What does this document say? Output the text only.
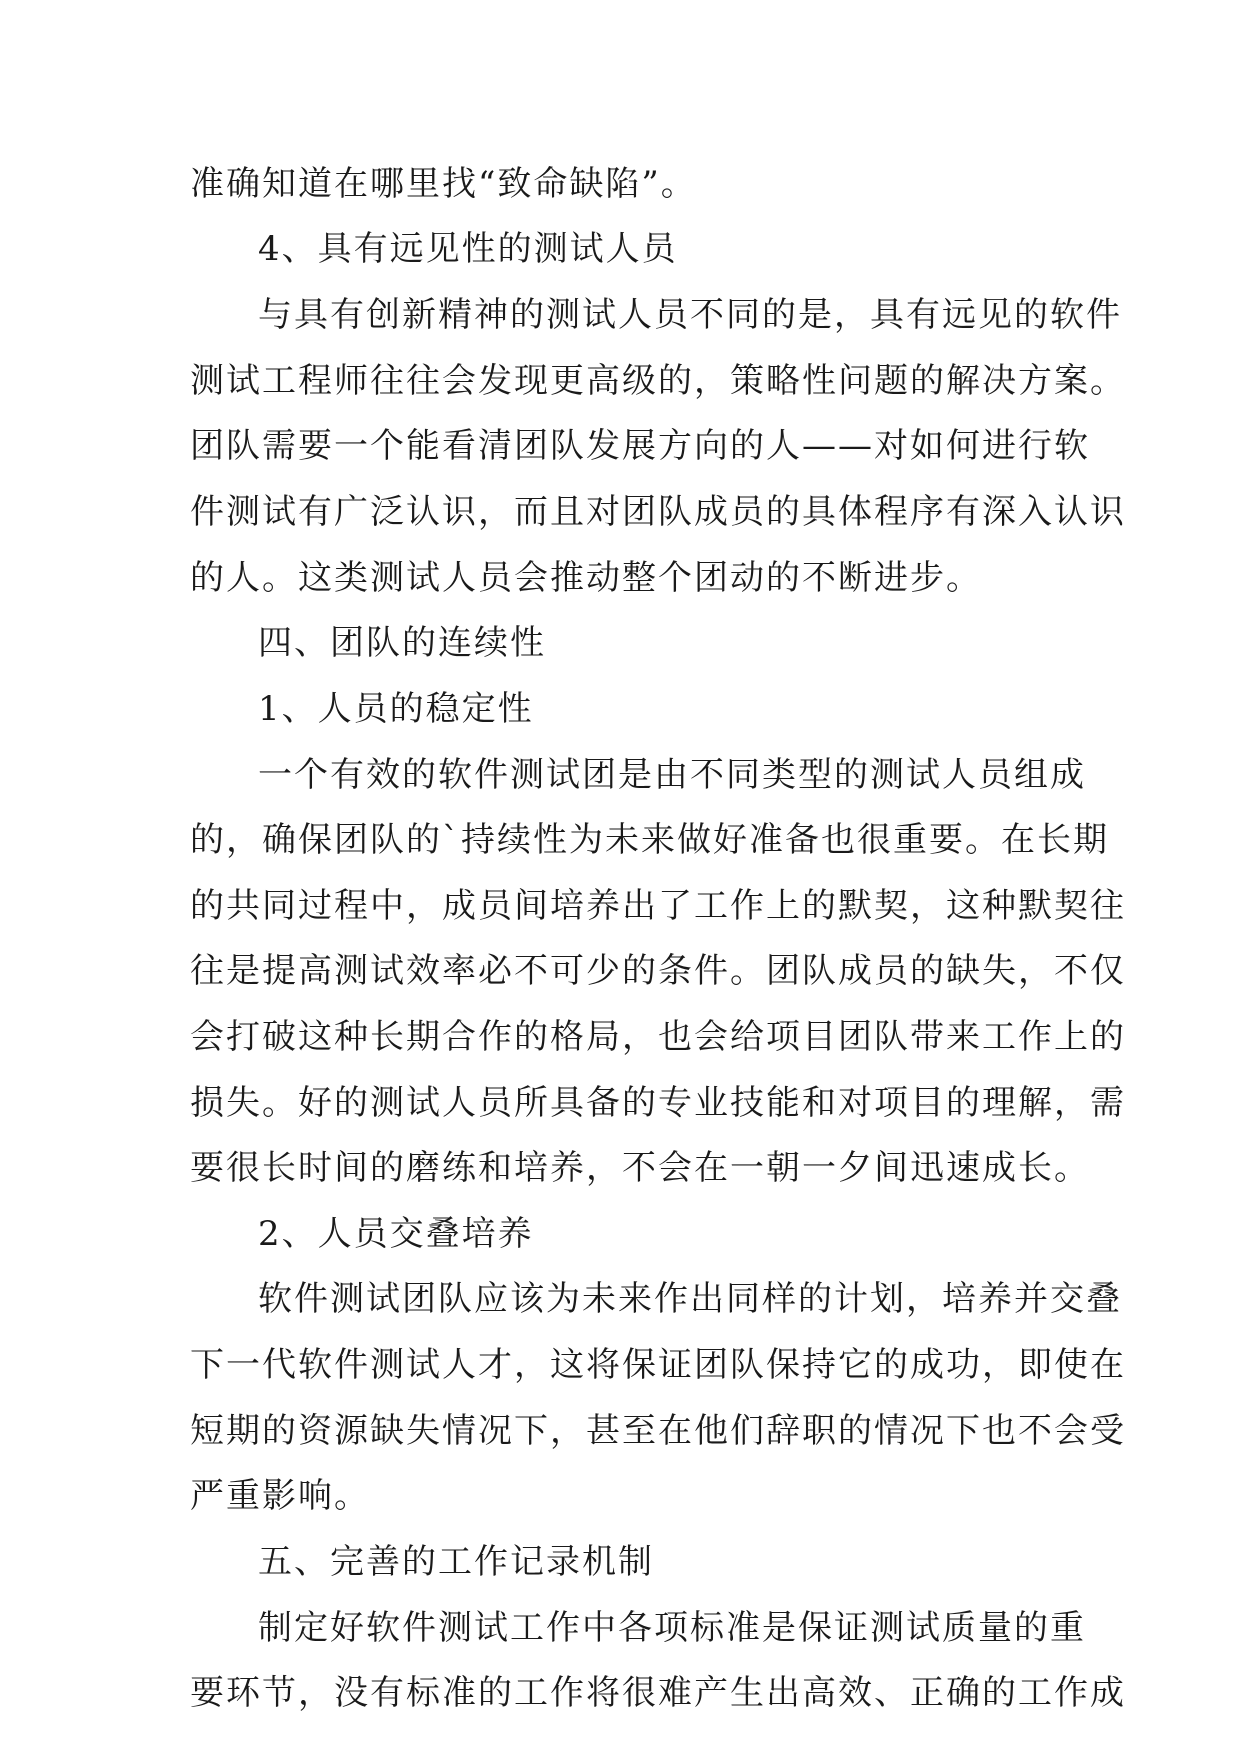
准确知道在哪里找“致命缺陷”。
4、具有远见性的测试人员
与具有创新精神的测试人员不同的是，具有远见的软件
测试工程师往往会发现更高级的，策略性问题的解决方案。
团队需要一个能看清团队发展方向的人——对如何进行软
件测试有广泛认识，而且对团队成员的具体程序有深入认识
的人。这类测试人员会推动整个团动的不断进步。
四、团队的连续性
1、人员的稳定性
一个有效的软件测试团是由不同类型的测试人员组成
的，确保团队的`持续性为未来做好准备也很重要。在长期
的共同过程中，成员间培养出了工作上的默契，这种默契往
往是提高测试效率必不可少的条件。团队成员的缺失，不仅
会打破这种长期合作的格局，也会给项目团队带来工作上的
损失。好的测试人员所具备的专业技能和对项目的理解，需
要很长时间的磨练和培养，不会在一朝一夕间迅速成长。
2、人员交叠培养
软件测试团队应该为未来作出同样的计划，培养并交叠
下一代软件测试人才，这将保证团队保持它的成功，即使在
短期的资源缺失情况下，甚至在他们辞职的情况下也不会受
严重影响。
五、完善的工作记录机制
制定好软件测试工作中各项标准是保证测试质量的重
要环节，没有标准的工作将很难产生出高效、正确的工作成
